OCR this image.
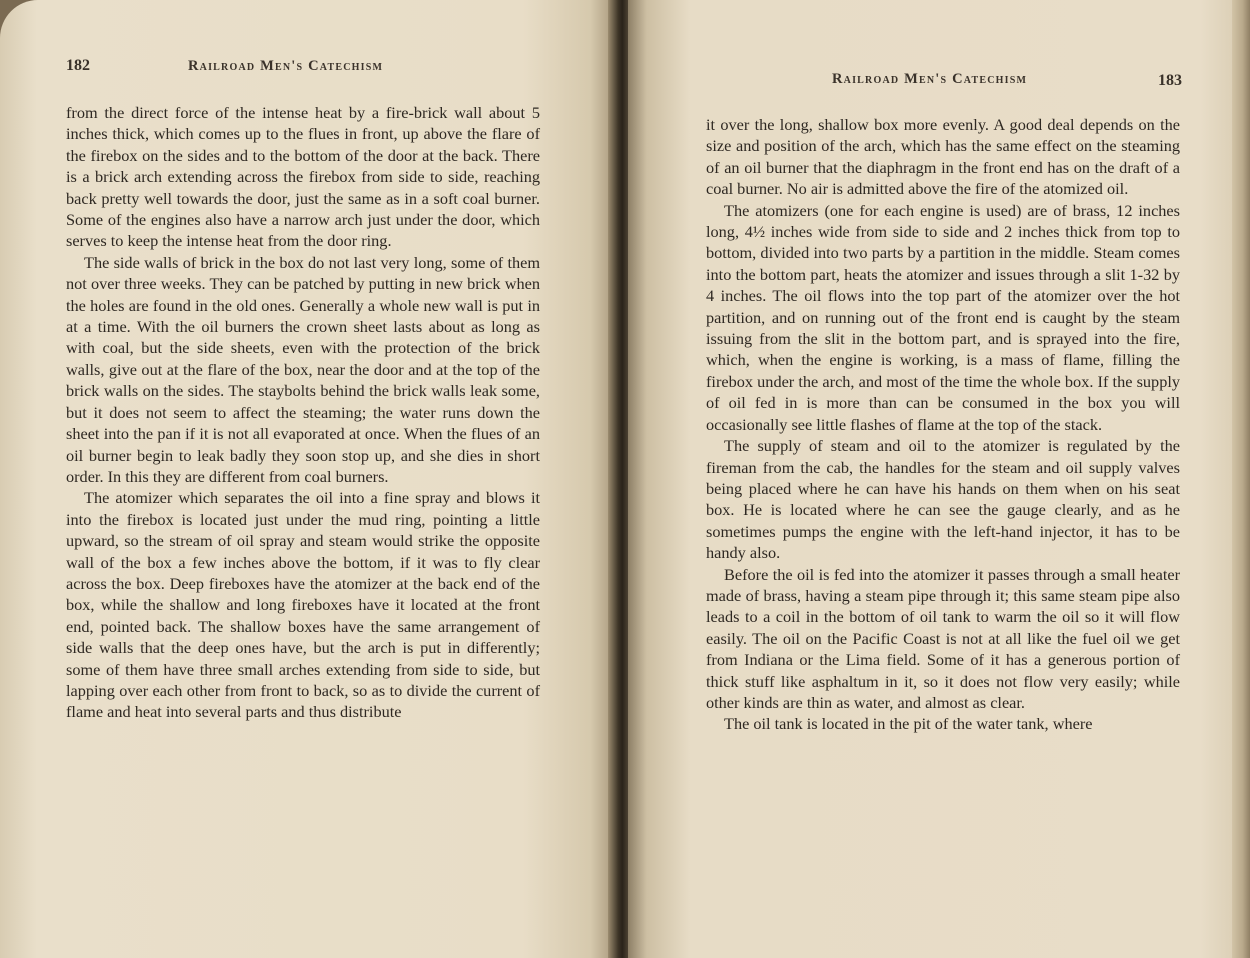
182	Railroad Men's Catechism

from the direct force of the intense heat by a fire-brick wall about 5 inches thick, which comes up to the flues in front, up above the flare of the firebox on the sides and to the bottom of the door at the back. There is a brick arch extending across the firebox from side to side, reaching back pretty well towards the door, just the same as in a soft coal burner. Some of the engines also have a narrow arch just under the door, which serves to keep the intense heat from the door ring.

The side walls of brick in the box do not last very long, some of them not over three weeks. They can be patched by putting in new brick when the holes are found in the old ones. Generally a whole new wall is put in at a time. With the oil burners the crown sheet lasts about as long as with coal, but the side sheets, even with the protection of the brick walls, give out at the flare of the box, near the door and at the top of the brick walls on the sides. The staybolts behind the brick walls leak some, but it does not seem to affect the steaming; the water runs down the sheet into the pan if it is not all evaporated at once. When the flues of an oil burner begin to leak badly they soon stop up, and she dies in short order. In this they are different from coal burners.

The atomizer which separates the oil into a fine spray and blows it into the firebox is located just under the mud ring, pointing a little upward, so the stream of oil spray and steam would strike the opposite wall of the box a few inches above the bottom, if it was to fly clear across the box. Deep fireboxes have the atomizer at the back end of the box, while the shallow and long fireboxes have it located at the front end, pointed back. The shallow boxes have the same arrangement of side walls that the deep ones have, but the arch is put in differently; some of them have three small arches extending from side to side, but lapping over each other from front to back, so as to divide the current of flame and heat into several parts and thus distribute

Railroad Men's Catechism	183

it over the long, shallow box more evenly. A good deal depends on the size and position of the arch, which has the same effect on the steaming of an oil burner that the diaphragm in the front end has on the draft of a coal burner. No air is admitted above the fire of the atomized oil.

The atomizers (one for each engine is used) are of brass, 12 inches long, 4½ inches wide from side to side and 2 inches thick from top to bottom, divided into two parts by a partition in the middle. Steam comes into the bottom part, heats the atomizer and issues through a slit 1-32 by 4 inches. The oil flows into the top part of the atomizer over the hot partition, and on running out of the front end is caught by the steam issuing from the slit in the bottom part, and is sprayed into the fire, which, when the engine is working, is a mass of flame, filling the firebox under the arch, and most of the time the whole box. If the supply of oil fed in is more than can be consumed in the box you will occasionally see little flashes of flame at the top of the stack.

The supply of steam and oil to the atomizer is regulated by the fireman from the cab, the handles for the steam and oil supply valves being placed where he can have his hands on them when on his seat box. He is located where he can see the gauge clearly, and as he sometimes pumps the engine with the left-hand injector, it has to be handy also.

Before the oil is fed into the atomizer it passes through a small heater made of brass, having a steam pipe through it; this same steam pipe also leads to a coil in the bottom of oil tank to warm the oil so it will flow easily. The oil on the Pacific Coast is not at all like the fuel oil we get from Indiana or the Lima field. Some of it has a generous portion of thick stuff like asphaltum in it, so it does not flow very easily; while other kinds are thin as water, and almost as clear.

The oil tank is located in the pit of the water tank, where
